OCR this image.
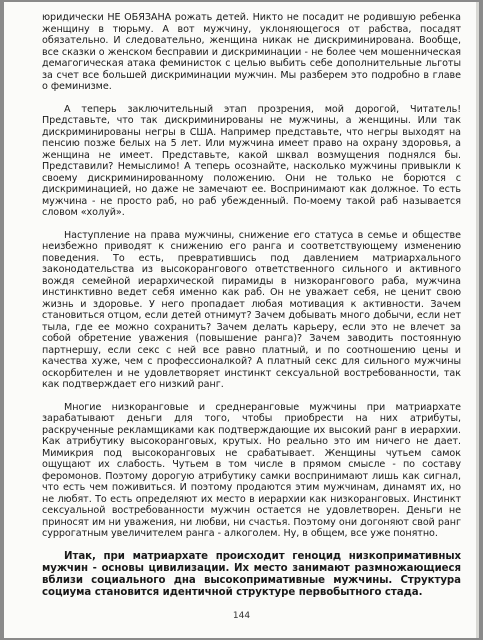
юридически НЕ ОБЯЗАНА рожать детей. Никто не посадит не родившую ребенка женщину в тюрьму. А вот мужчину, уклоняющегося от рабства, посадят обязательно. И следовательно, женщина никак не дискриминирована. Вообще, все сказки о женском бесправии и дискриминации - не более чем мошенническая демагогическая атака феминисток с целью выбить себе дополнительные льготы за счет все большей дискриминации мужчин. Мы разберем это подробно в главе о феминизме.

А теперь заключительный этап прозрения, мой дорогой, Читатель! Представьте, что так дискриминированы не мужчины, а женщины. Или так дискриминированы негры в США. Например представьте, что негры выходят на пенсию позже белых на 5 лет. Или мужчина имеет право на охрану здоровья, а женщина не имеет. Представьте, какой шквал возмущения поднялся бы. Представили? Немыслимо! А теперь осознайте, насколько мужчины привыкли к своему дискриминированному положению. Они не только не борются с дискриминацией, но даже не замечают ее. Воспринимают как должное. То есть мужчина - не просто раб, но раб убежденный. По-моему такой раб называется словом «холуй».

Наступление на права мужчины, снижение его статуса в семье и обществе неизбежно приводят к снижению его ранга и соответствующему изменению поведения. То есть, превратившись под давлением матриархального законодательства из высокорангового ответственного сильного и активного вождя семейной иерархической пирамиды в низкорангового раба, мужчина инстинктивно ведет себя именно как раб. Он не уважает себя, не ценит свою жизнь и здоровье. У него пропадает любая мотивация к активности. Зачем становиться отцом, если детей отнимут? Зачем добывать много добычи, если нет тыла, где ее можно сохранить? Зачем делать карьеру, если это не влечет за собой обретение уважения (повышение ранга)? Зачем заводить постоянную партнершу, если секс с ней все равно платный, и по соотношению цены и качества хуже, чем с профессионалкой? А платный секс для сильного мужчины оскорбителен и не удовлетворяет инстинкт сексуальной востребованности, так как подтверждает его низкий ранг.

Многие низкоранговые и среднеранговые мужчины при матриархате зарабатывают деньги для того, чтобы приобрести на них атрибуты, раскрученные рекламщиками как подтверждающие их высокий ранг в иерархии. Как атрибутику высокоранговых, крутых. Но реально это им ничего не дает. Мимикрия под высокоранговых не срабатывает. Женщины чутьем самок ощущают их слабость. Чутьем в том числе в прямом смысле - по составу феромонов. Поэтому дорогую атрибутику самки воспринимают лишь как сигнал, что есть чем поживиться. И поэтому продаются этим мужчинам, динамят их, но не любят. То есть определяют их место в иерархии как низкоранговых. Инстинкт сексуальной востребованности мужчин остается не удовлетворен. Деньги не приносят им ни уважения, ни любви, ни счастья. Поэтому они догоняют свой ранг суррогатным увеличителем ранга - алкоголем. Ну, в общем, все уже понятно.

Итак, при матриархате происходит геноцид низкопримативных мужчин - основы цивилизации. Их место занимают размножающиеся вблизи социального дна высокопримативные мужчины. Структура социума становится идентичной структуре первобытного стада.

144
